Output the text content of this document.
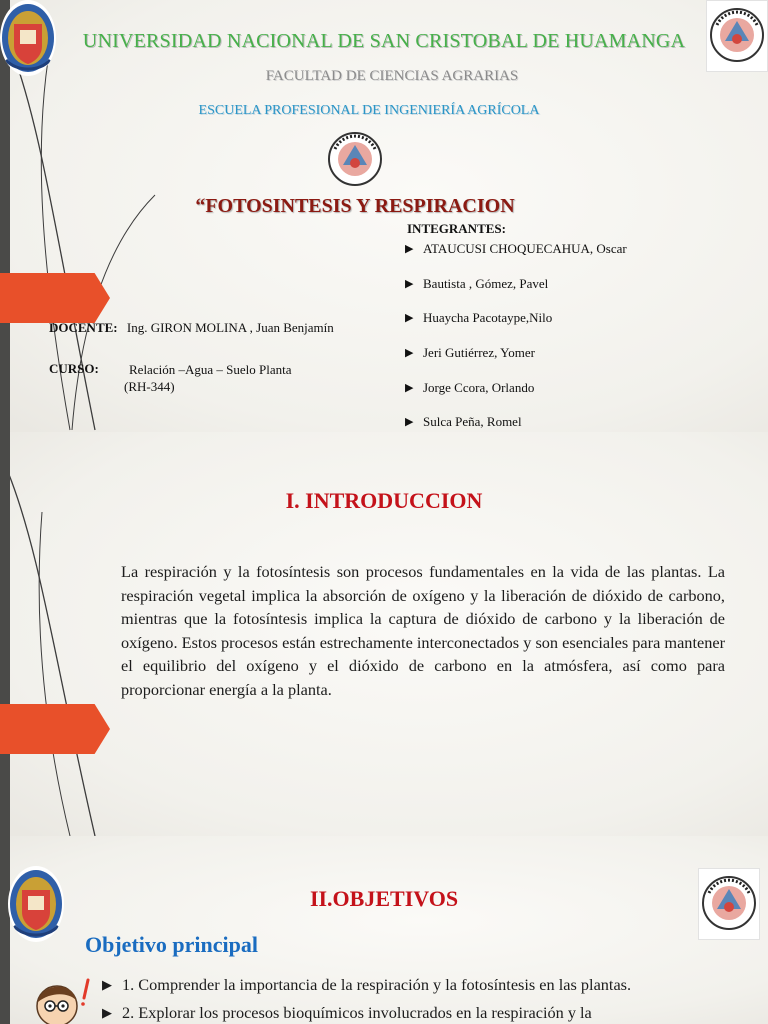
UNIVERSIDAD NACIONAL DE SAN CRISTOBAL DE HUAMANGA
FACULTAD DE CIENCIAS AGRARIAS
ESCUELA PROFESIONAL DE INGENIERÍA AGRÍCOLA
“FOTOSINTESIS Y RESPIRACION
INTEGRANTES:
▶ ATAUCUSI CHOQUECAHUA, Oscar
▶ Bautista , Gómez, Pavel
▶ Huaycha Pacotaype,Nilo
▶ Jeri Gutiérrez, Yomer
▶ Jorge Ccora, Orlando
▶ Sulca Peña, Romel
DOCENTE: Ing. GIRON MOLINA , Juan Benjamín
CURSO:	Relación –Agua – Suelo Planta
(RH-344)
I. INTRODUCCION

La respiración y la fotosíntesis son procesos fundamentales en la vida de las plantas. La respiración vegetal implica la absorción de oxígeno y la liberación de dióxido de carbono, mientras que la fotosíntesis implica la captura de dióxido de carbono y la liberación de oxígeno. Estos procesos están estrechamente interconectados y son esenciales para mantener el equilibrio del oxígeno y el dióxido de carbono en la atmósfera, así como para proporcionar energía a la planta.

II.OBJETIVOS
Objetivo principal
▶ 1. Comprender la importancia de la respiración y la fotosíntesis en las plantas.
▶ 2. Explorar los procesos bioquímicos involucrados en la respiración y la
